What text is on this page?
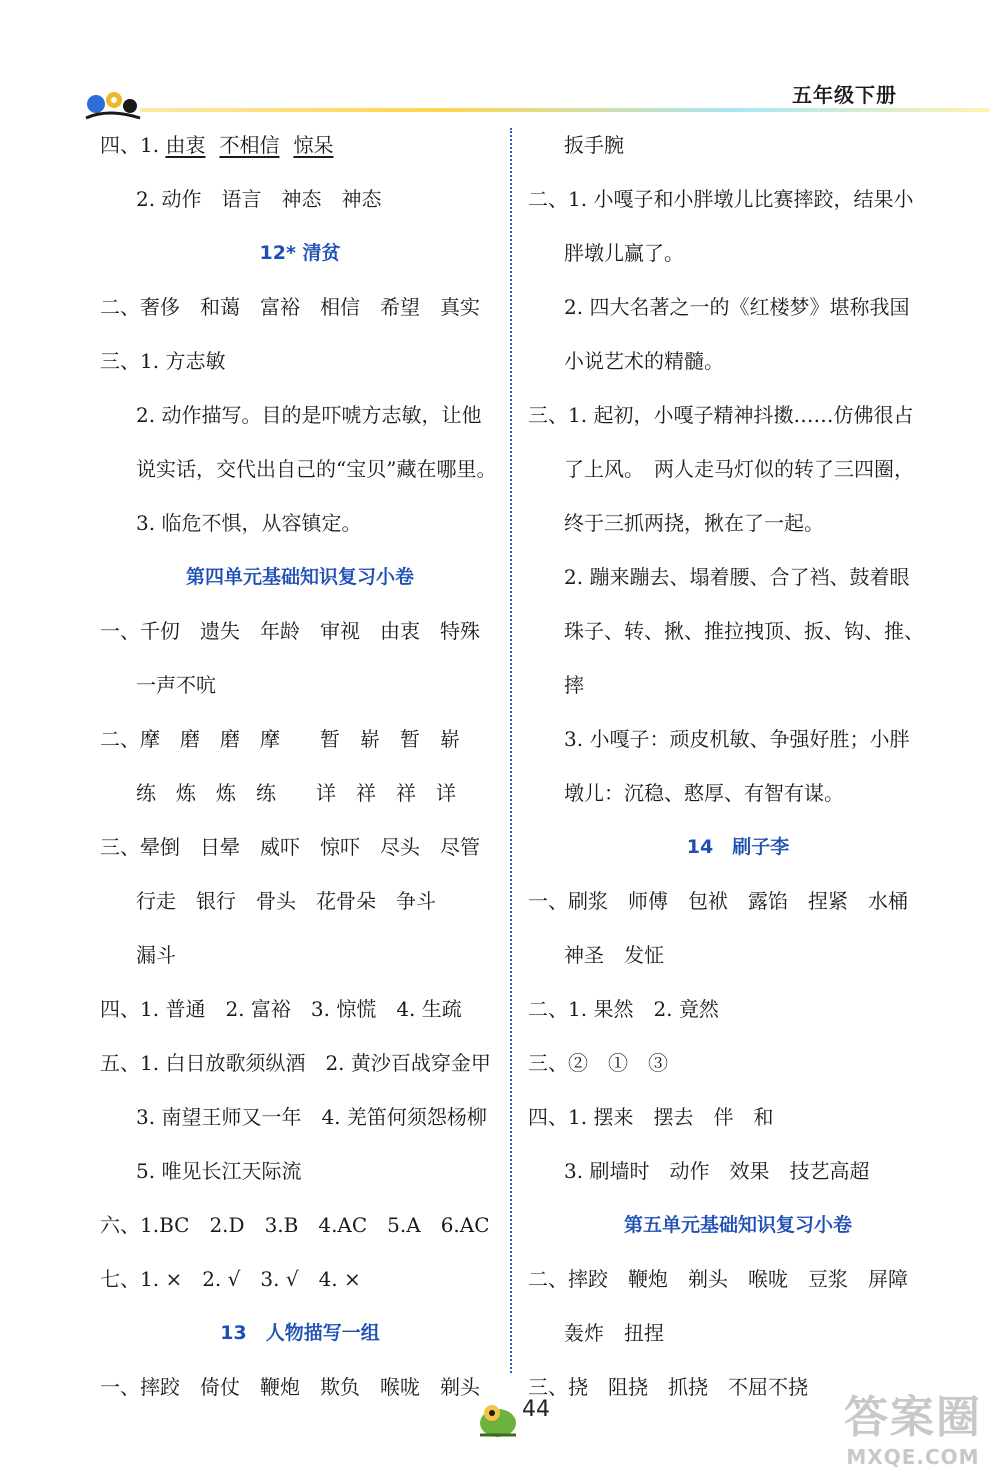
五年级下册
四、1. 由衷 不相信 惊呆
2. 动作　语言　神态　神态
12* 清贫
二、奢侈　和蔼　富裕　相信　希望　真实
三、1. 方志敏
2. 动作描写。目的是吓唬方志敏，让他
说实话，交代出自己的“宝贝”藏在哪里。
3. 临危不惧，从容镇定。
第四单元基础知识复习小卷
一、千仞　遗失　年龄　审视　由衷　特殊
一声不吭
二、摩　磨　磨　摩　　暂　崭　暂　崭
练　炼　炼　练　　详　祥　祥　详
三、晕倒　日晕　威吓　惊吓　尽头　尽管
行走　银行　骨头　花骨朵　争斗
漏斗
四、1. 普通　2. 富裕　3. 惊慌　4. 生疏
五、1. 白日放歌须纵酒　2. 黄沙百战穿金甲
3. 南望王师又一年　4. 羌笛何须怨杨柳
5. 唯见长江天际流
六、1.BC　2.D　3.B　4.AC　5.A　6.AC
七、1. ×　2. √　3. √　4. ×
13　人物描写一组
一、摔跤　倚仗　鞭炮　欺负　喉咙　剃头
扳手腕
二、1. 小嘎子和小胖墩儿比赛摔跤，结果小
胖墩儿赢了。
2. 四大名著之一的《红楼梦》堪称我国
小说艺术的精髓。
三、1. 起初，小嘎子精神抖擞……仿佛很占
了上风。　两人走马灯似的转了三四圈，
终于三抓两挠，揪在了一起。
2. 蹦来蹦去、塌着腰、合了裆、鼓着眼
珠子、转、揪、推拉拽顶、扳、钩、推、
摔
3. 小嘎子：顽皮机敏、争强好胜；小胖
墩儿：沉稳、憨厚、有智有谋。
14　刷子李
一、刷浆　师傅　包袱　露馅　捏紧　水桶
神圣　发怔
二、1. 果然　2. 竟然
三、②　①　③
四、1. 摆来　摆去　伴　和
3. 刷墙时　动作　效果　技艺高超
第五单元基础知识复习小卷
二、摔跤　鞭炮　剃头　喉咙　豆浆　屏障
轰炸　扭捏
三、挠　阻挠　抓挠　不屈不挠
44	答案圈
MXQE.COM
